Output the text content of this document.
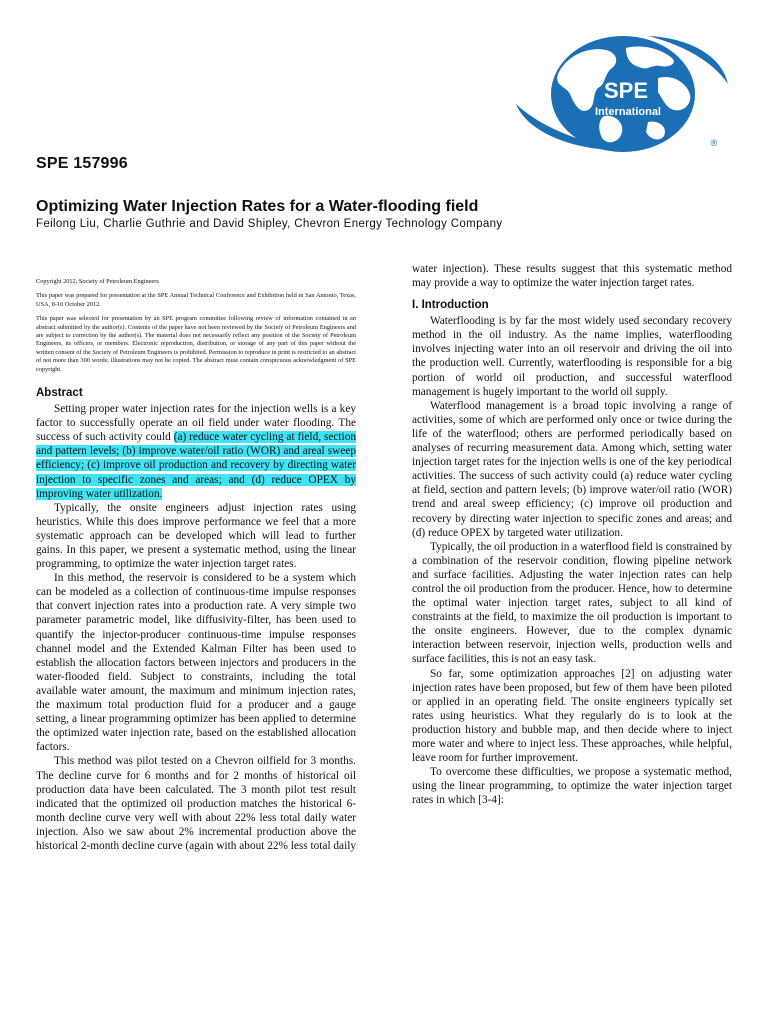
SPE
International
®
SPE 157996
Optimizing Water Injection Rates for a Water-flooding field
Feilong Liu, Charlie Guthrie and David Shipley, Chevron Energy Technology Company

Copyright 2012, Society of Petroleum Engineers

This paper was prepared for presentation at the SPE Annual Technical Conference and Exhibition held in San Antonio, Texas, USA, 8-10 October 2012.

This paper was selected for presentation by an SPE program committee following review of information contained in an abstract submitted by the author(s). Contents of the paper have not been reviewed by the Society of Petroleum Engineers and are subject to correction by the author(s). The material does not necessarily reflect any position of the Society of Petroleum Engineers, its officers, or members. Electronic reproduction, distribution, or storage of any part of this paper without the written consent of the Society of Petroleum Engineers is prohibited. Permission to reproduce in print is restricted to an abstract of not more than 300 words; illustrations may not be copied. The abstract must contain conspicuous acknowledgment of SPE copyright.

Abstract

Setting proper water injection rates for the injection wells is a key factor to successfully operate an oil field under water flooding. The success of such activity could (a) reduce water cycling at field, section and pattern levels; (b) improve water/oil ratio (WOR) and areal sweep efficiency; (c) improve oil production and recovery by directing water injection to specific zones and areas; and (d) reduce OPEX by improving water utilization.

Typically, the onsite engineers adjust injection rates using heuristics. While this does improve performance we feel that a more systematic approach can be developed which will lead to further gains. In this paper, we present a systematic method, using the linear programming, to optimize the water injection target rates.

In this method, the reservoir is considered to be a system which can be modeled as a collection of continuous-time impulse responses that convert injection rates into a production rate. A very simple two parameter parametric model, like diffusivity-filter, has been used to quantify the injector-producer continuous-time impulse responses channel model and the Extended Kalman Filter has been used to establish the allocation factors between injectors and producers in the water-flooded field. Subject to constraints, including the total available water amount, the maximum and minimum injection rates, the maximum total production fluid for a producer and a gauge setting, a linear programming optimizer has been applied to determine the optimized water injection rate, based on the established allocation factors.

This method was pilot tested on a Chevron oilfield for 3 months. The decline curve for 6 months and for 2 months of historical oil production data have been calculated. The 3 month pilot test result indicated that the optimized oil production matches the historical 6-month decline curve very well with about 22% less total daily water injection. Also we saw about 2% incremental production above the historical 2-month decline curve (again with about 22% less total daily

water injection). These results suggest that this systematic method may provide a way to optimize the water injection target rates.

I. Introduction

Waterflooding is by far the most widely used secondary recovery method in the oil industry. As the name implies, waterflooding involves injecting water into an oil reservoir and driving the oil into the production well. Currently, waterflooding is responsible for a big portion of world oil production, and successful waterflood management is hugely important to the world oil supply.

Waterflood management is a broad topic involving a range of activities, some of which are performed only once or twice during the life of the waterflood; others are performed periodically based on analyses of recurring measurement data. Among which, setting water injection target rates for the injection wells is one of the key periodical activities. The success of such activity could (a) reduce water cycling at field, section and pattern levels; (b) improve water/oil ratio (WOR) trend and areal sweep efficiency; (c) improve oil production and recovery by directing water injection to specific zones and areas; and (d) reduce OPEX by targeted water utilization.

Typically, the oil production in a waterflood field is constrained by a combination of the reservoir condition, flowing pipeline network and surface facilities. Adjusting the water injection rates can help control the oil production from the producer. Hence, how to determine the optimal water injection target rates, subject to all kind of constraints at the field, to maximize the oil production is important to the onsite engineers. However, due to the complex dynamic interaction between reservoir, injection wells, production wells and surface facilities, this is not an easy task.

So far, some optimization approaches [2] on adjusting water injection rates have been proposed, but few of them have been piloted or applied in an operating field. The onsite engineers typically set rates using heuristics. What they regularly do is to look at the production history and bubble map, and then decide where to inject more water and where to inject less. These approaches, while helpful, leave room for further improvement.

To overcome these difficulties, we propose a systematic method, using the linear programming, to optimize the water injection target rates in which [3-4]:
